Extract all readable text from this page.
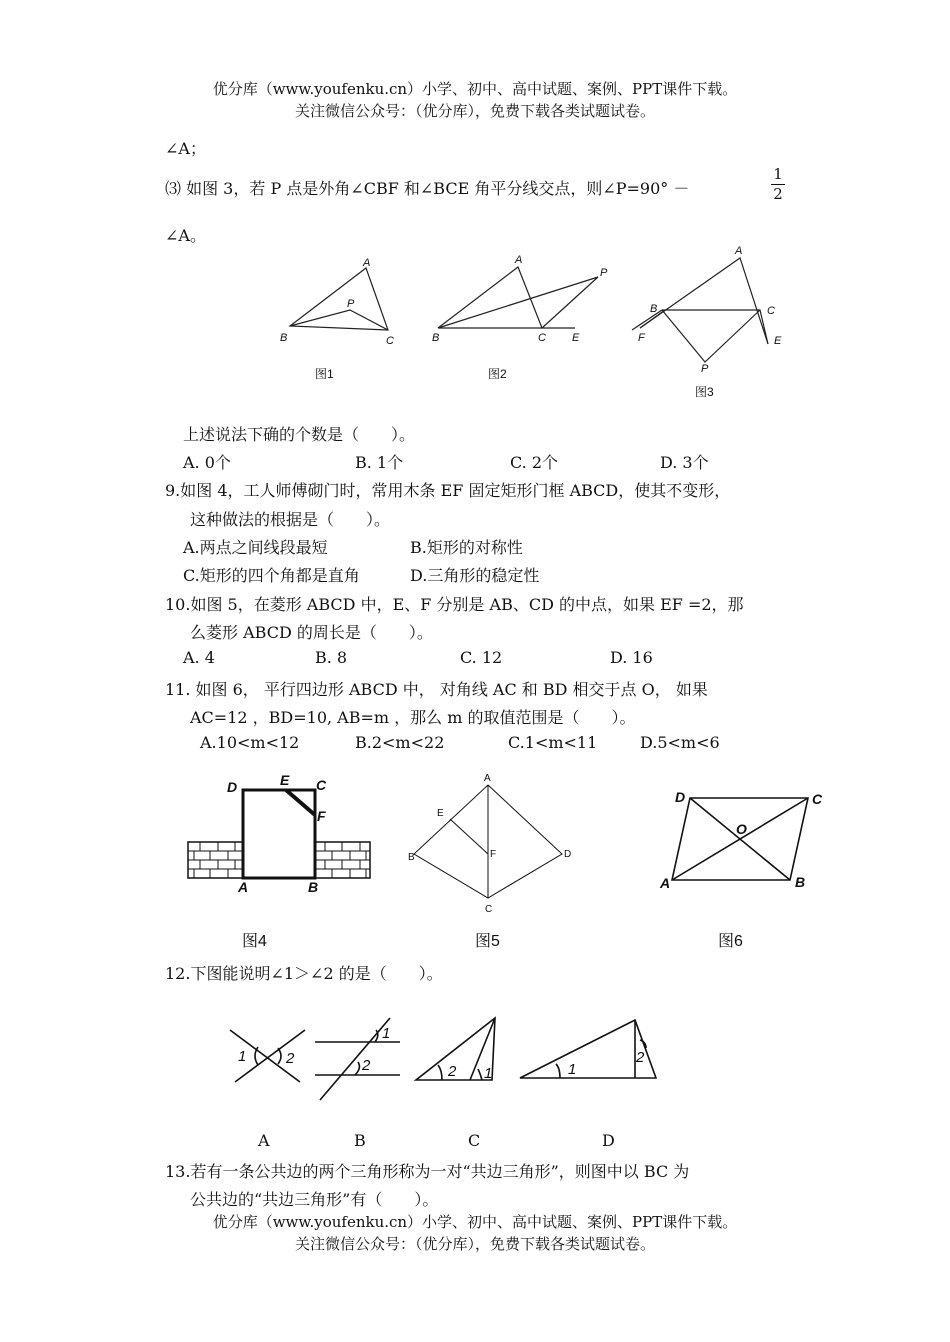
优分库（www.youfenku.cn）小学、初中、高中试题、案例、PPT课件下载。
关注微信公众号：（优分库），免费下载各类试题试卷。
∠A；
⑶ 如图 3，若 P 点是外角∠CBF 和∠BCE 角平分线交点，则∠P=90° －
1
2
∠A。
A
P
B	C
A
P
B	C E
A
B	C
F	E
P
图1	图2
图3
上述说法下确的个数是（　　）。
A. 0个	B. 1个	C. 2个	D. 3个
9.如图 4，工人师傅砌门时，常用木条 EF 固定矩形门框 ABCD，使其不变形，
这种做法的根据是（　　）。
A.两点之间线段最短	B.矩形的对称性
C.矩形的四个角都是直角	D.三角形的稳定性
10.如图 5，在菱形 ABCD 中，E、F 分别是 AB、CD 的中点，如果 EF =2，那
么菱形 ABCD 的周长是（　　）。
A. 4	B. 8	C. 12	D. 16
11. 如图 6， 平行四边形 ABCD 中， 对角线 AC 和 BD 相交于点 O， 如果
AC=12 ，BD=10, AB=m ，那么 m 的取值范围是（　　）。
A.10<m<12	B.2<m<22	C.1<m<11	D.5<m<6
D	E C
F
A	B
A
E
F
B	D
C
D	C
O
A	B
图4	图5	图6
12.下图能说明∠1＞∠2 的是（　　）。
1	2
1
2	2 1	1
2
A	B	C	D
13.若有一条公共边的两个三角形称为一对“共边三角形”，则图中以 BC 为
公共边的“共边三角形”有（　　）。
优分库（www.youfenku.cn）小学、初中、高中试题、案例、PPT课件下载。
关注微信公众号：（优分库），免费下载各类试题试卷。
